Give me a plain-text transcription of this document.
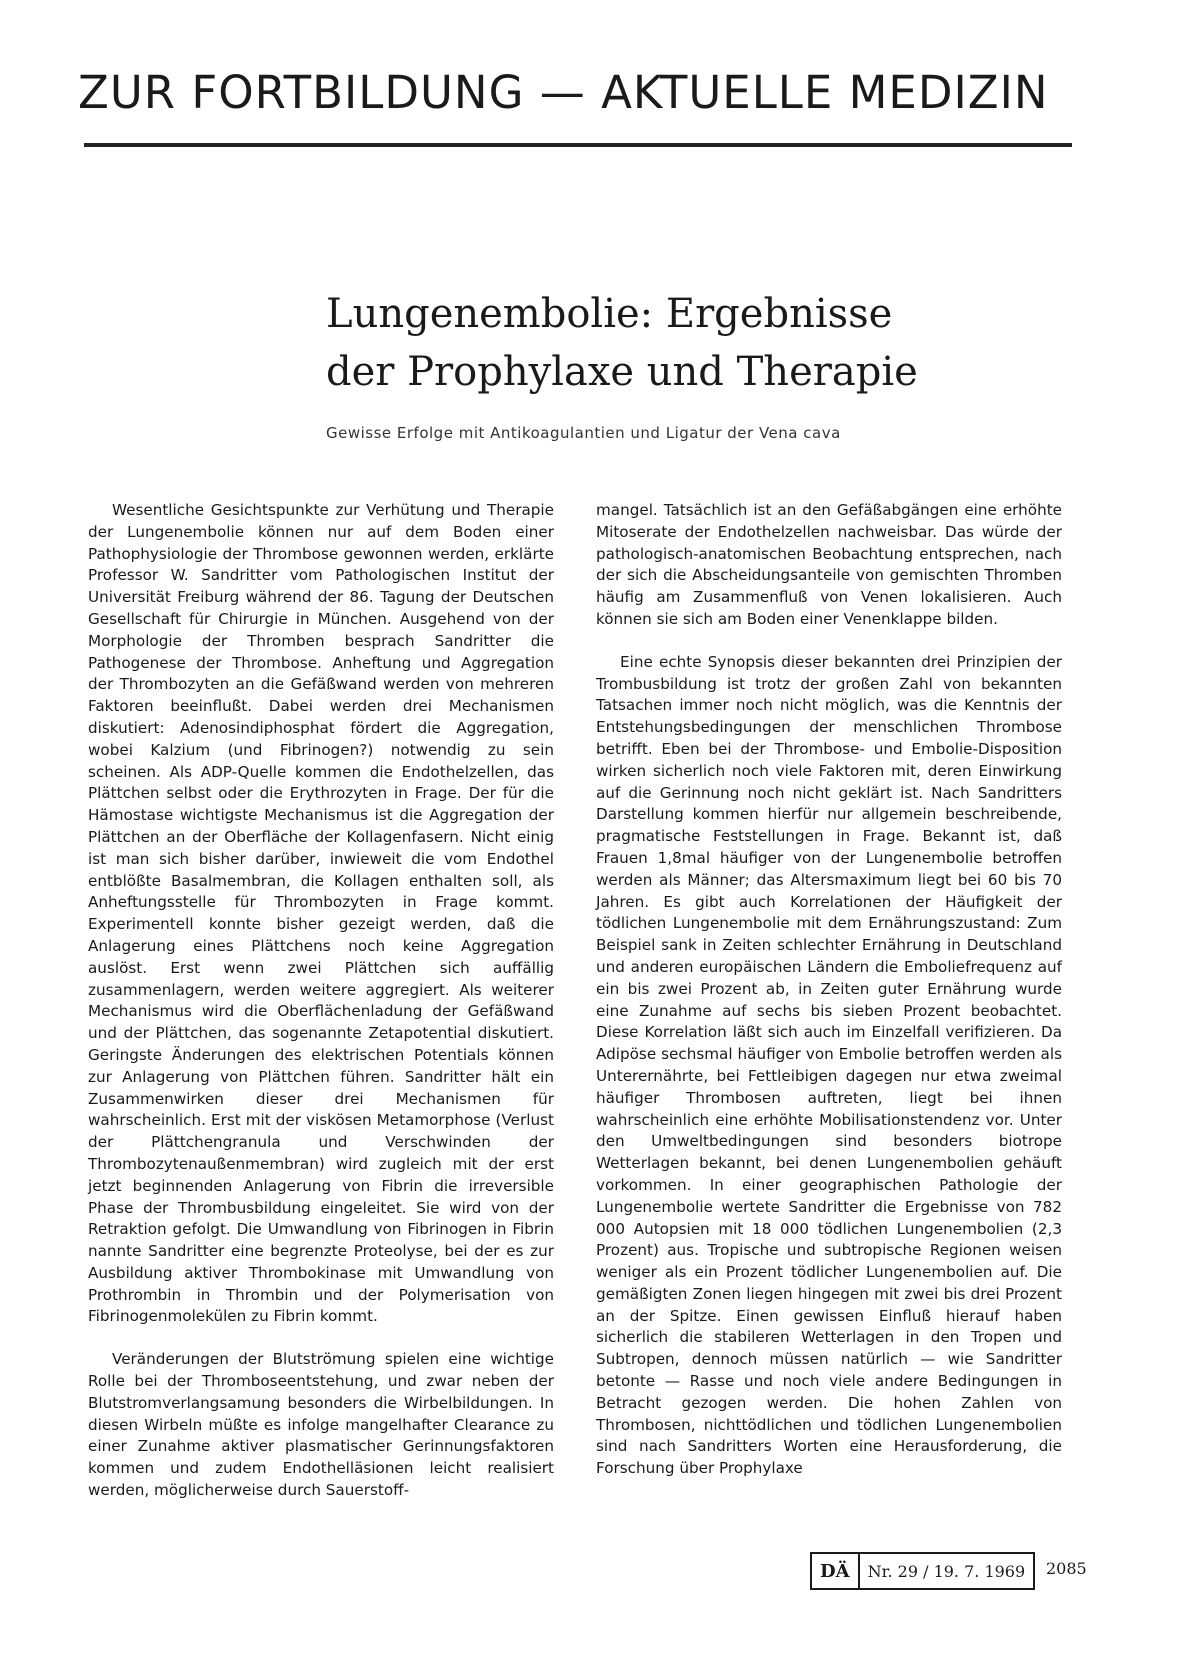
ZUR FORTBILDUNG — AKTUELLE MEDIZIN
Lungenembolie: Ergebnisse
der Prophylaxe und Therapie
Gewisse Erfolge mit Antikoagulantien und Ligatur der Vena cava

Wesentliche Gesichtspunkte zur Verhütung und Therapie der Lungenembolie können nur auf dem Boden einer Pathophysiologie der Thrombose gewonnen werden, erklärte Professor W. Sandritter vom Pathologischen Institut der Universität Freiburg während der 86. Tagung der Deutschen Gesellschaft für Chirurgie in München. Ausgehend von der Morphologie der Thromben besprach Sandritter die Pathogenese der Thrombose. Anheftung und Aggregation der Thrombozyten an die Gefäßwand werden von mehreren Faktoren beeinflußt. Dabei werden drei Mechanismen diskutiert: Adenosindiphosphat fördert die Aggregation, wobei Kalzium (und Fibrinogen?) notwendig zu sein scheinen. Als ADP-Quelle kommen die Endothelzellen, das Plättchen selbst oder die Erythrozyten in Frage. Der für die Hämostase wichtigste Mechanismus ist die Aggregation der Plättchen an der Oberfläche der Kollagenfasern. Nicht einig ist man sich bisher darüber, inwieweit die vom Endothel entblößte Basalmembran, die Kollagen enthalten soll, als Anheftungsstelle für Thrombozyten in Frage kommt. Experimentell konnte bisher gezeigt werden, daß die Anlagerung eines Plättchens noch keine Aggregation auslöst. Erst wenn zwei Plättchen sich auffällig zusammenlagern, werden weitere aggregiert. Als weiterer Mechanismus wird die Oberflächenladung der Gefäßwand und der Plättchen, das sogenannte Zetapotential diskutiert. Geringste Änderungen des elektrischen Potentials können zur Anlagerung von Plättchen führen. Sandritter hält ein Zusammenwirken dieser drei Mechanismen für wahrscheinlich. Erst mit der viskösen Metamorphose (Verlust der Plättchengranula und Verschwinden der Thrombozytenaußenmembran) wird zugleich mit der erst jetzt beginnenden Anlagerung von Fibrin die irreversible Phase der Thrombusbildung eingeleitet. Sie wird von der Retraktion gefolgt. Die Umwandlung von Fibrinogen in Fibrin nannte Sandritter eine begrenzte Proteolyse, bei der es zur Ausbildung aktiver Thrombokinase mit Umwandlung von Prothrombin in Thrombin und der Polymerisation von Fibrinogenmolekülen zu Fibrin kommt.

Veränderungen der Blutströmung spielen eine wichtige Rolle bei der Thromboseentstehung, und zwar neben der Blutstromverlangsamung besonders die Wirbelbildungen. In diesen Wirbeln müßte es infolge mangelhafter Clearance zu einer Zunahme aktiver plasmatischer Gerinnungsfaktoren kommen und zudem Endothelläsionen leicht realisiert werden, möglicherweise durch Sauerstoff-

mangel. Tatsächlich ist an den Gefäßabgängen eine erhöhte Mitoserate der Endothelzellen nachweisbar. Das würde der pathologisch-anatomischen Beobachtung entsprechen, nach der sich die Abscheidungsanteile von gemischten Thromben häufig am Zusammenfluß von Venen lokalisieren. Auch können sie sich am Boden einer Venenklappe bilden.

Eine echte Synopsis dieser bekannten drei Prinzipien der Trombusbildung ist trotz der großen Zahl von bekannten Tatsachen immer noch nicht möglich, was die Kenntnis der Entstehungsbedingungen der menschlichen Thrombose betrifft. Eben bei der Thrombose- und Embolie-Disposition wirken sicherlich noch viele Faktoren mit, deren Einwirkung auf die Gerinnung noch nicht geklärt ist. Nach Sandritters Darstellung kommen hierfür nur allgemein beschreibende, pragmatische Feststellungen in Frage. Bekannt ist, daß Frauen 1,8mal häufiger von der Lungenembolie betroffen werden als Männer; das Altersmaximum liegt bei 60 bis 70 Jahren. Es gibt auch Korrelationen der Häufigkeit der tödlichen Lungenembolie mit dem Ernährungszustand: Zum Beispiel sank in Zeiten schlechter Ernährung in Deutschland und anderen europäischen Ländern die Emboliefrequenz auf ein bis zwei Prozent ab, in Zeiten guter Ernährung wurde eine Zunahme auf sechs bis sieben Prozent beobachtet. Diese Korrelation läßt sich auch im Einzelfall verifizieren. Da Adipöse sechsmal häufiger von Embolie betroffen werden als Unterernährte, bei Fettleibigen dagegen nur etwa zweimal häufiger Thrombosen auftreten, liegt bei ihnen wahrscheinlich eine erhöhte Mobilisationstendenz vor. Unter den Umweltbedingungen sind besonders biotrope Wetterlagen bekannt, bei denen Lungenembolien gehäuft vorkommen. In einer geographischen Pathologie der Lungenembolie wertete Sandritter die Ergebnisse von 782 000 Autopsien mit 18 000 tödlichen Lungenembolien (2,3 Prozent) aus. Tropische und subtropische Regionen weisen weniger als ein Prozent tödlicher Lungenembolien auf. Die gemäßigten Zonen liegen hingegen mit zwei bis drei Prozent an der Spitze. Einen gewissen Einfluß hierauf haben sicherlich die stabileren Wetterlagen in den Tropen und Subtropen, dennoch müssen natürlich — wie Sandritter betonte — Rasse und noch viele andere Bedingungen in Betracht gezogen werden. Die hohen Zahlen von Thrombosen, nichttödlichen und tödlichen Lungenembolien sind nach Sandritters Worten eine Herausforderung, die Forschung über Prophylaxe

DÄ	Nr. 29 / 19. 7. 1969	2085
